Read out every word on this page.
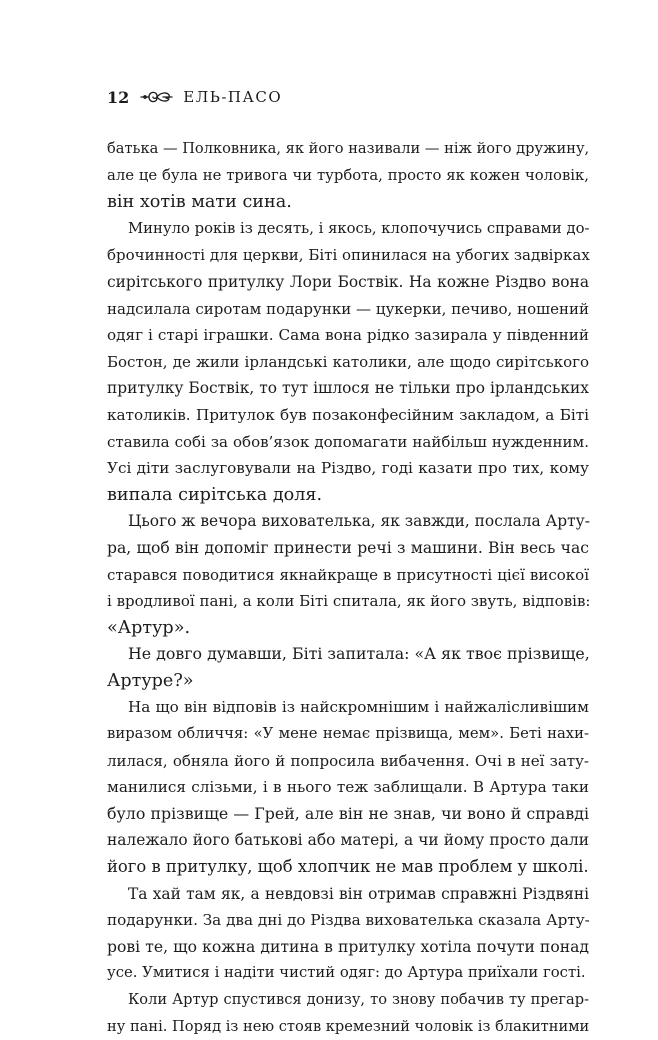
12	ЕЛЬ-ПАСО
батька — Полковника, як його називали — ніж його дружину,
але це була не тривога чи турбота, просто як кожен чоловік,
він хотів мати сина.
Минуло років із десять, і якось, клопочучись справами до-
брочинності для церкви, Біті опинилася на убогих задвірках
сирітського притулку Лори Боствік. На кожне Різдво вона
надсилала сиротам подарунки — цукерки, печиво, ношений
одяг і старі іграшки. Сама вона рідко зазирала у південний
Бостон, де жили ірландські католики, але щодо сирітського
притулку Боствік, то тут ішлося не тільки про ірландських
католиків. Притулок був позаконфесійним закладом, а Біті
ставила собі за обов’язок допомагати найбільш нужденним.
Усі діти заслуговували на Різдво, годі казати про тих, кому
випала сирітська доля.
Цього ж вечора вихователька, як завжди, послала Арту-
ра, щоб він допоміг принести речі з машини. Він весь час
старався поводитися якнайкраще в присутності цієї високої
і вродливої пані, а коли Біті спитала, як його звуть, відповів:
«Артур».
Не довго думавши, Біті запитала: «А як твоє прізвище,
Артуре?»
На що він відповів із найскромнішим і найжалісливішим
виразом обличчя: «У мене немає прізвища, мем». Беті нахи-
лилася, обняла його й попросила вибачення. Очі в неї зату-
манилися слізьми, і в нього теж заблищали. В Артура таки
було прізвище — Грей, але він не знав, чи воно й справді
належало його батькові або матері, а чи йому просто дали
його в притулку, щоб хлопчик не мав проблем у школі.
Та хай там як, а невдовзі він отримав справжні Різдвяні
подарунки. За два дні до Різдва вихователька сказала Арту-
рові те, що кожна дитина в притулку хотіла почути понад
усе. Умитися і надіти чистий одяг: до Артура приїхали гості.
Коли Артур спустився донизу, то знову побачив ту прегар-
ну пані. Поряд із нею стояв кремезний чоловік із блакитними
